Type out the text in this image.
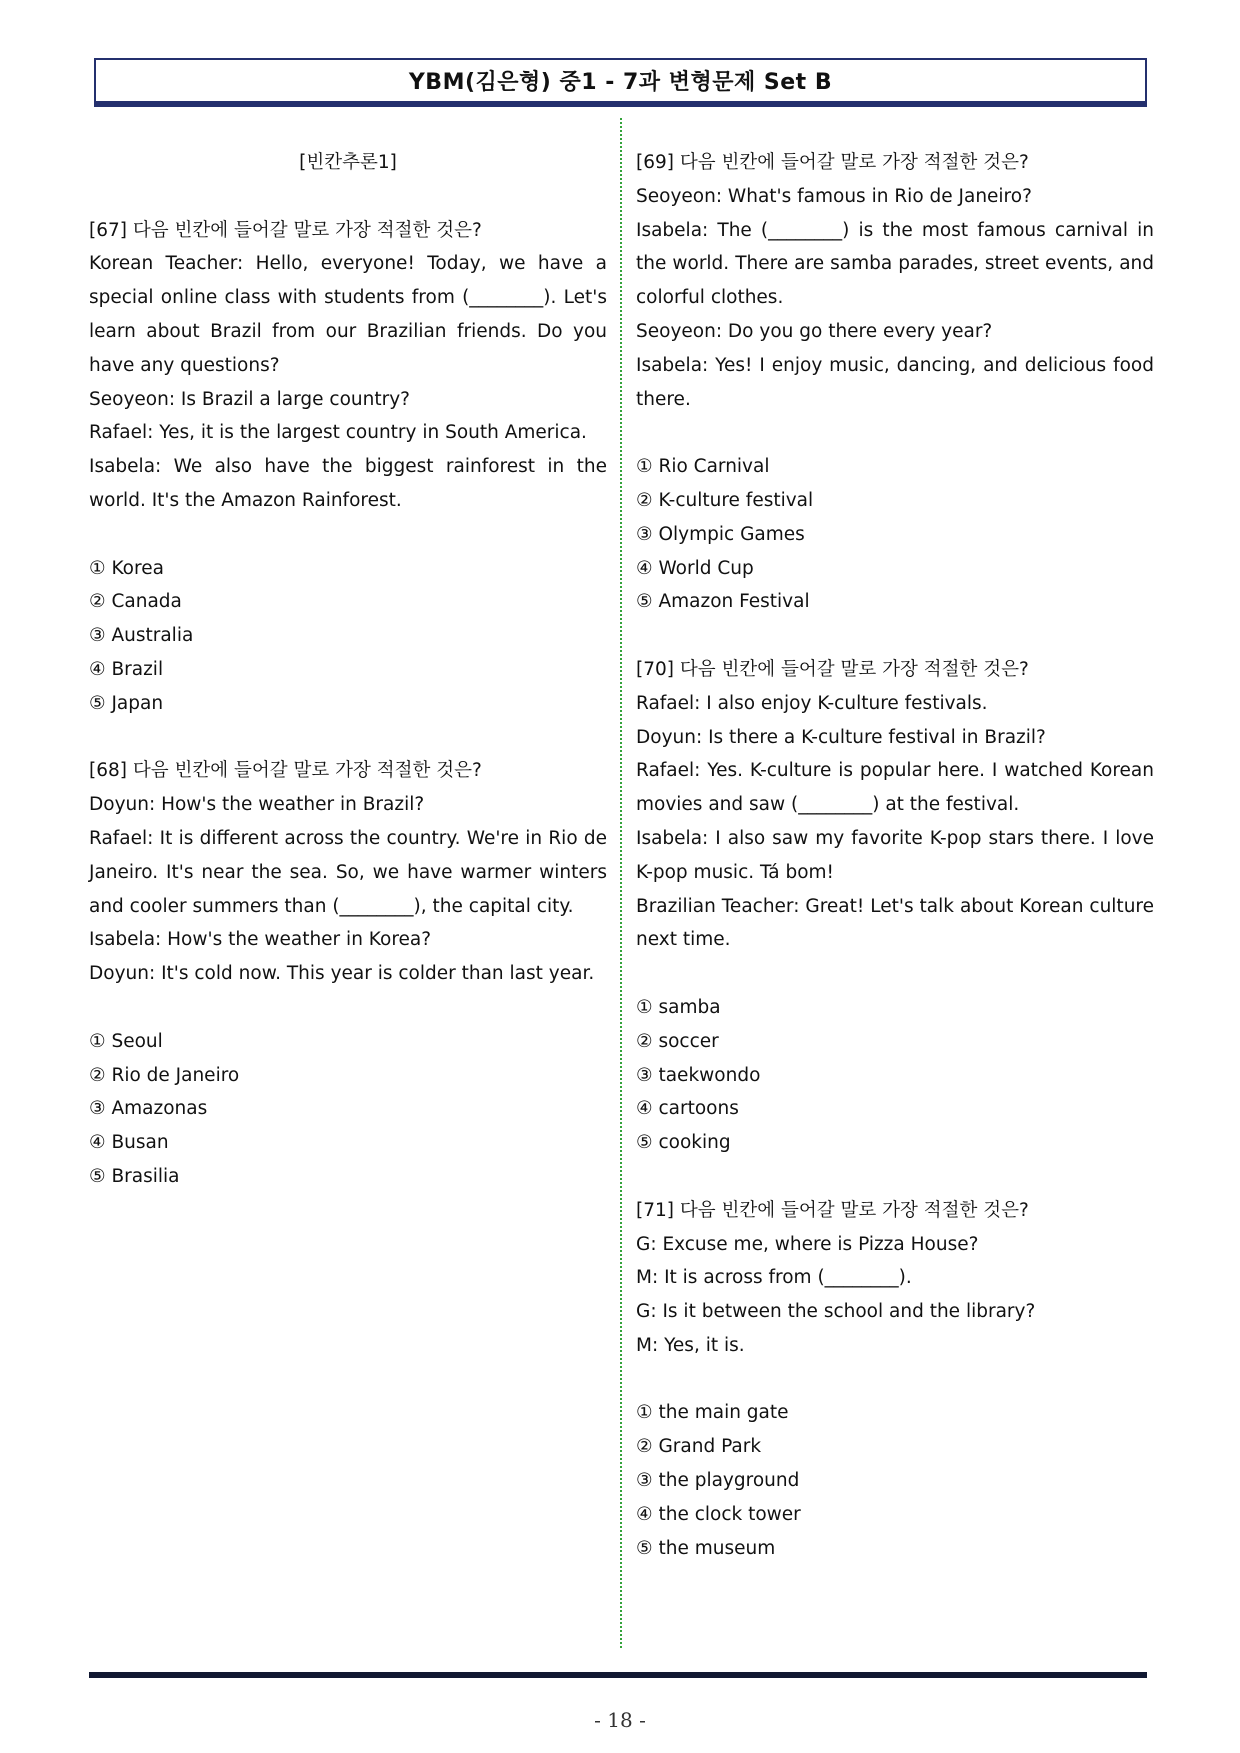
YBM(김은형) 중1 - 7과 변형문제 Set B

[빈칸추론1]

[67] 다음 빈칸에 들어갈 말로 가장 적절한 것은?

Korean Teacher: Hello, everyone! Today, we have a special online class with students from (________). Let's learn about Brazil from our Brazilian friends. Do you have any questions?

Seoyeon: Is Brazil a large country?

Rafael: Yes, it is the largest country in South America.

Isabela: We also have the biggest rainforest in the world. It's the Amazon Rainforest.

① Korea

② Canada

③ Australia

④ Brazil

⑤ Japan

[68] 다음 빈칸에 들어갈 말로 가장 적절한 것은?

Doyun: How's the weather in Brazil?

Rafael: It is different across the country. We're in Rio de Janeiro. It's near the sea. So, we have warmer winters and cooler summers than (________), the capital city.

Isabela: How's the weather in Korea?

Doyun: It's cold now. This year is colder than last year.

① Seoul

② Rio de Janeiro

③ Amazonas

④ Busan

⑤ Brasilia

[69] 다음 빈칸에 들어갈 말로 가장 적절한 것은?

Seoyeon: What's famous in Rio de Janeiro?

Isabela: The (________) is the most famous carnival in the world. There are samba parades, street events, and colorful clothes.

Seoyeon: Do you go there every year?

Isabela: Yes! I enjoy music, dancing, and delicious food there.

① Rio Carnival

② K-culture festival

③ Olympic Games

④ World Cup

⑤ Amazon Festival

[70] 다음 빈칸에 들어갈 말로 가장 적절한 것은?

Rafael: I also enjoy K-culture festivals.

Doyun: Is there a K-culture festival in Brazil?

Rafael: Yes. K-culture is popular here. I watched Korean movies and saw (________) at the festival.

Isabela: I also saw my favorite K-pop stars there. I love K-pop music. Tá bom!

Brazilian Teacher: Great! Let's talk about Korean culture next time.

① samba

② soccer

③ taekwondo

④ cartoons

⑤ cooking

[71] 다음 빈칸에 들어갈 말로 가장 적절한 것은?

G: Excuse me, where is Pizza House?

M: It is across from (________).

G: Is it between the school and the library?

M: Yes, it is.

① the main gate

② Grand Park

③ the playground

④ the clock tower

⑤ the museum

- 18 -
